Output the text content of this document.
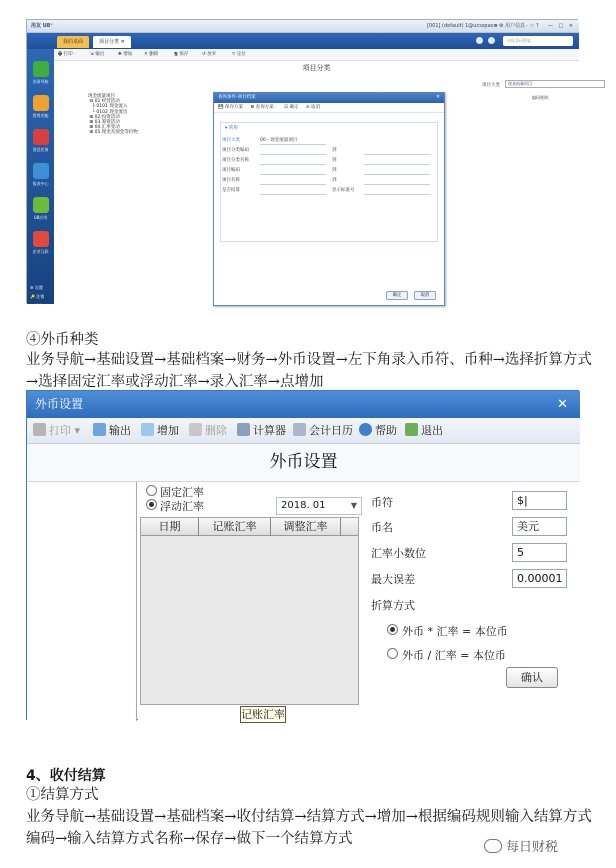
用友 U8⁺	[001] (default) 1@ucsspace
▾ ⚙ 用户信息 · ☆ ? — □ ✕
我的桌面	项目分类 ✕	单据条码搜索
业务导航
常用功能
消息任务
报表中心
U8应用
企业互联
⚙ 设置
🔑 注销
⇥ 退出
🖶 打印 ·	⇲ 输出	✚ 增加	✕ 删除	🖫 保存	↺ 放弃	▽ 定位
项目分类
项目大类	现金流量项目
编码规则：
现金流量项目
⊟ 01 经营活动
├ 0101 现金流入
└ 0102 现金流出
⊞ 02 投资活动
⊞ 03 筹资活动
⊞ 04 汇率变动
⊞ 05 现金及现金等价物
查询条件-项目档案	✕
💾 保存方案 ⊞ 查询方案 · ☑ 确定 ⊘ 取消
▾ 常用
项目大类	00 - 现金流量项目
项目分类编码	到
项目分类名称	到
项目编码	到
项目名称	到
是否结算	显示标准号
确定	取消
④外币种类
业务导航→基础设置→基础档案→财务→外币设置→左下角录入币符、币种→选择折算方式→选择固定汇率或浮动汇率→录入汇率→点增加
外币设置	✕
打印 ▾	输出	增加	删除	计算器	会计日历	帮助	退出
外币设置
固定汇率
浮动汇率	2018. 01	▼
日期	记账汇率	调整汇率
币符	$|
币名	美元
汇率小数位	5
最大误差	0.00001
折算方式
外币 * 汇率 = 本位币
外币 / 汇率 = 本位币
确认
记账汇率
4、收付结算
①结算方式
业务导航→基础设置→基础档案→收付结算→结算方式→增加→根据编码规则输入结算方式编码→输入结算方式名称→保存→做下一个结算方式
每日财税
